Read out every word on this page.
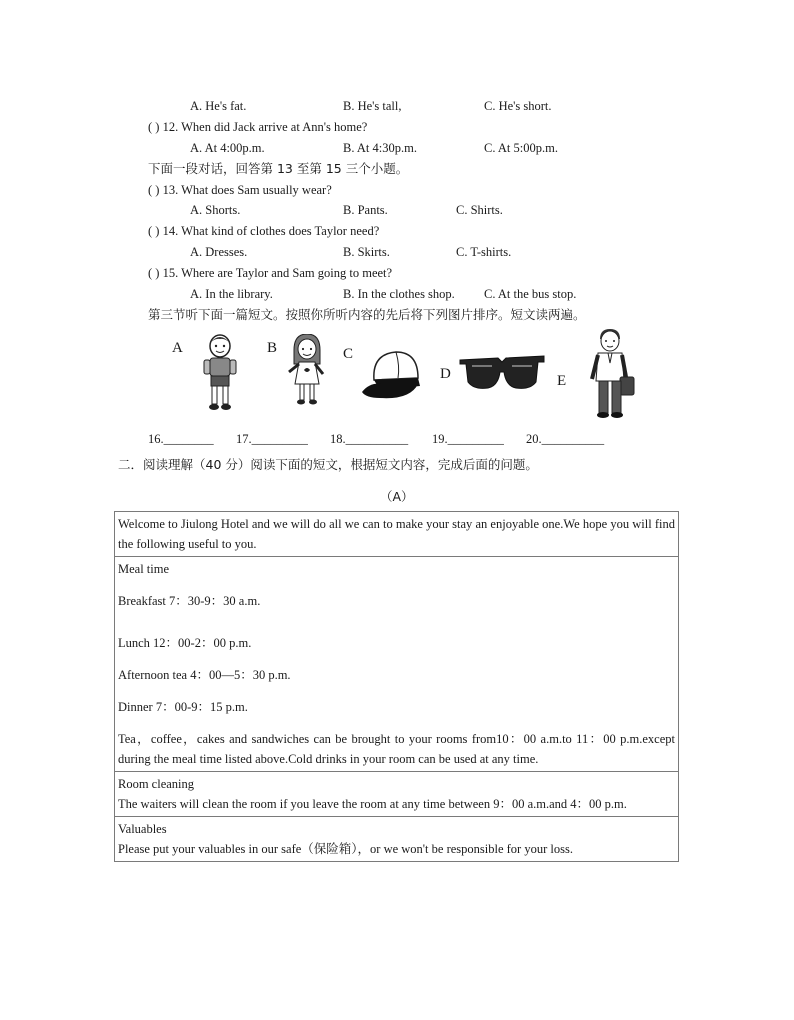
A. He's fat.	B. He's tall,	C. He's short.
( ) 12. When did Jack arrive at Ann's home?
A. At 4:00p.m.	B. At 4:30p.m.	C. At 5:00p.m.
下面一段对话，回答第 13 至第 15 三个小题。
( ) 13. What does Sam usually wear?
A. Shorts.	B. Pants.	C. Shirts.
( ) 14. What kind of clothes does Taylor need?
A. Dresses.	B. Skirts.	C. T-shirts.
( ) 15. Where are Taylor and Sam going to meet?
A. In the library.	B. In the clothes shop. C. At the bus stop.
第三节听下面一篇短文。按照你所听内容的先后将下列图片排序。短文读两遍。
A	B	C
D	E
16.________ 17._________ 18.__________ 19._________ 20.__________
二．阅读理解（40 分）阅读下面的短文，根据短文内容，完成后面的问题。
（A）
Welcome to Jiulong Hotel and we will do all we can to make your stay an enjoyable one.We hope you will find the following useful to you.

Meal time

Breakfast 7：30-9：30 a.m.

Lunch 12：00-2：00 p.m.

Afternoon tea 4：00—5：30 p.m.

Dinner 7：00-9：15 p.m.

Tea，coffee，cakes and sandwiches can be brought to your rooms from10：00 a.m.to 11：00 p.m.except during the meal time listed above.Cold drinks in your room can be used at any time.

Room cleaning

The waiters will clean the room if you leave the room at any time between 9：00 a.m.and 4：00 p.m.

Valuables

Please put your valuables in our safe（保险箱），or we won't be responsible for your loss.
